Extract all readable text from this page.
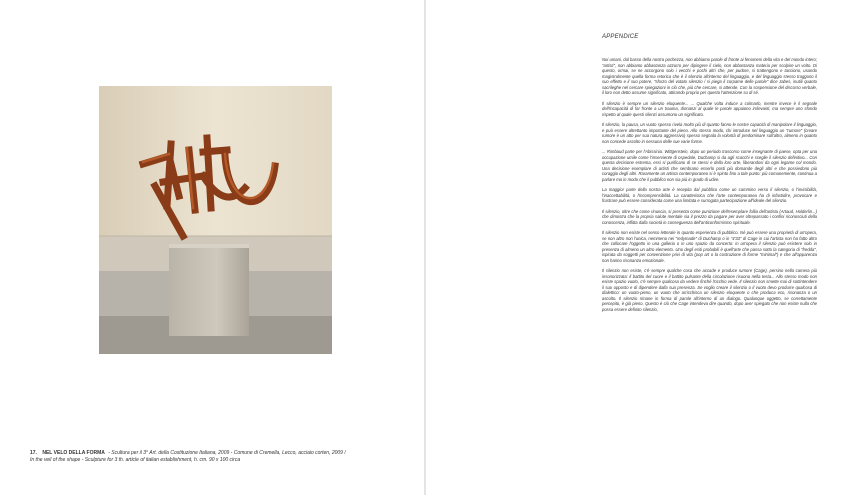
17. NEL VELO DELLA FORMA - Scultura per il 3° Art. della Costituzione Italiana, 2009 - Comune di Cremella, Lecco, acciaio corten, 2009 /
In the veil of the shape - Sculpture for 3 th. article of italian establishment, h. cm. 90 x 100 circa
APPENDICE

Noi umani, dal basso della nostra pochezza, non abbiamo parole di fronte ai fenomeni della vita e del mondo intero; "artisti", non abbiamo abbastanza azzurro per dipingere il cielo, non abbastanza materia per scolpire un volto. Di questo, ormai, se ne accorgono solo i vecchi e pochi altri che, per pudore, si trattengono e tacciono, usando magistralmente quella forma retorica che è il silenzio all'interno del linguaggio, e del linguaggio stesso traggono il suo effetto e il suo potere, "sforzo del votato silenzio / si piega il corpame delle parole" dice Jabes, inutili quanto sacrileghe nel cercare spiegazioni in ciò che, più che cercare, si attende. Con la sospensione del discorso verbale, il loro non detto assume significato, attirando proprio per questo l'attenzione su di sé.

Il silenzio è sempre un silenzio eloquente... ... Qualche volta induce a colmarlo, mentre invece è il segnale dell'incapacità di far fronte a un trauma, dinnanzi al quale le parole appaiono irrilevanti, ma sempre uno sfondo rispetto al quale questi silenzi assumono un significato.

Il silenzio, la pausa, un vuoto spesso rivela molto più di quanto fanno le nostre capacità di manipolare il linguaggio, e può essere altrettanto importante del pieno. Allo stesso modo, chi introduce nel linguaggio un "rumore" (creare rumore è un atto per sua natura aggressivo) spesso segnala la volontà di predominare sull'altro, almeno in quanto non concede ascolto in nessuna delle sue varie forme.

... Rimbaud parte per l'Abissinia. Wittgenstein, dopo un periodo trascorso come insegnante di paese, opta per una occupazione umile come l'inserviente di ospedale, Duchamp si da agli scacchi e sceglie il silenzio definitivo... Con questa decisione estrema, essi si purificano di se stessi e della loro arte, liberandosi da ogni legame col mondo. Una decisione esemplare di artisti che sembrano esserlo posti più domande degli altri e che possiedono più coraggio degli altri. Raramente un artista contemporaneo si è spinto fino a tale punto: più comunemente, continua a parlare ma in modo che il pubblico non sia più in grado di udire.

La maggior parte della nostra arte è recepita dal pubblico come un cammino verso il silenzio, o l'invisibilità, l'inaccettabilità, o l'incomprensibilità. La caratteristica che l'arte contemporanea ha di infastidire, provocare e frustrare può essere considerata come una limitata e surrogata partecipazione all'ideale del silenzio.

Il silenzio, oltre che come rinuncia, si presenta come punizione dell'esemplare follia dell'artista (Artaud, Holderlin...) che dimostra che la propria salute mentale sia il prezzo da pagare per aver oltrepassato i confini riconosciuti della conoscenza, inflitta dalla società in conseguenza dell'anticonformismo spirituale.

Il silenzio non esiste nel senso letterale in quanto esperienza di pubblico. Nè può essere una proprietà di un'opera, se non altro non l'unica, nemmeno nei "redymade" di Duchamp o in "4'33" di Cage in cui l'artista non ha fatto altro che collocare l'oggetto in una galleria o in uno spazio da concerto: in un'opera il silenzio può esistere solo in presenza di almeno un altro elemento. Uno degli esiti probabili è quell'arte che passa sotto la categoria di "fredda", ispirata da soggetti per convenzione privi di vita (pop art o la costruzione di forme "minimal") e che all'apparenza non hanno risonanza emozionale.

Il silenzio non esiste, c'è sempre qualche cosa che accade e produce rumore (Cage), persino nella camera più insonorizzata: il battito del cuore e il battito pulsante della circolazione risuona nella testa... Allo stesso modo non esiste spazio vuoto, c'è sempre qualcosa da vedere finché l'occhio vede. Il silenzio non smette mai di sottintendere il suo opposto e di dipendere dalla sua presenza. Se voglio creare il silenzio o il vuoto devo produrre qualcosa di dialettico: un vuoto-pieno, un vuoto che arricchisca un silenzio eloquente o che produca eco, risonanza o un ascolto. Il silenzio rimane in forma di parole all'interno di un dialogo. Qualunque oggetto, se correttamente percepito, è già pieno. Questo è ciò che Cage intendeva dire quando, dopo aver spiegato che non esiste nulla che possa essere definito silenzio,
